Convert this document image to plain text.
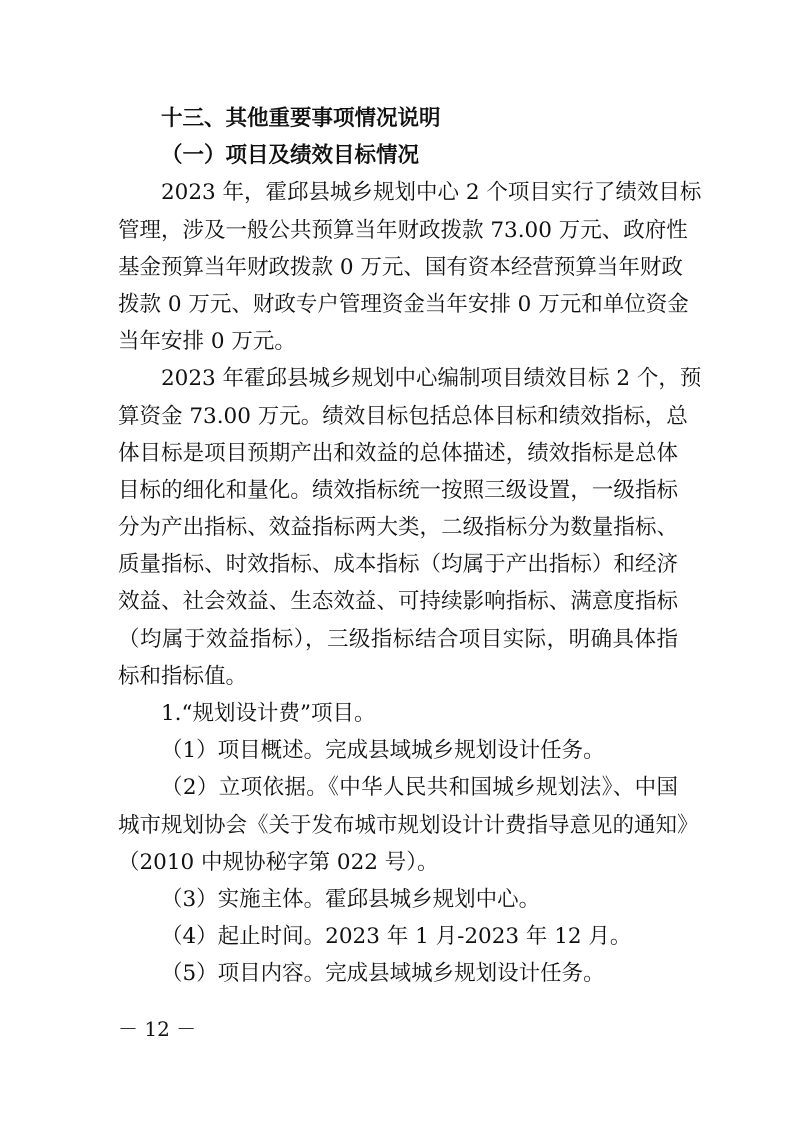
十三、其他重要事项情况说明
（一）项目及绩效目标情况
2023 年，霍邱县城乡规划中心 2 个项目实行了绩效目标
管理，涉及一般公共预算当年财政拨款 73.00 万元、政府性
基金预算当年财政拨款 0 万元、国有资本经营预算当年财政
拨款 0 万元、财政专户管理资金当年安排 0 万元和单位资金
当年安排 0 万元。
2023 年霍邱县城乡规划中心编制项目绩效目标 2 个，预
算资金 73.00 万元。绩效目标包括总体目标和绩效指标，总
体目标是项目预期产出和效益的总体描述，绩效指标是总体
目标的细化和量化。绩效指标统一按照三级设置，一级指标
分为产出指标、效益指标两大类，二级指标分为数量指标、
质量指标、时效指标、成本指标（均属于产出指标）和经济
效益、社会效益、生态效益、可持续影响指标、满意度指标
（均属于效益指标），三级指标结合项目实际，明确具体指
标和指标值。
1.“规划设计费”项目。
（1）项目概述。完成县域城乡规划设计任务。
（2）立项依据。《中华人民共和国城乡规划法》、中国
城市规划协会《关于发布城市规划设计计费指导意见的通知》
（2010 中规协秘字第 022 号）。
（3）实施主体。霍邱县城乡规划中心。
（4）起止时间。2023 年 1 月-2023 年 12 月。
（5）项目内容。完成县域城乡规划设计任务。
－ 12 －
